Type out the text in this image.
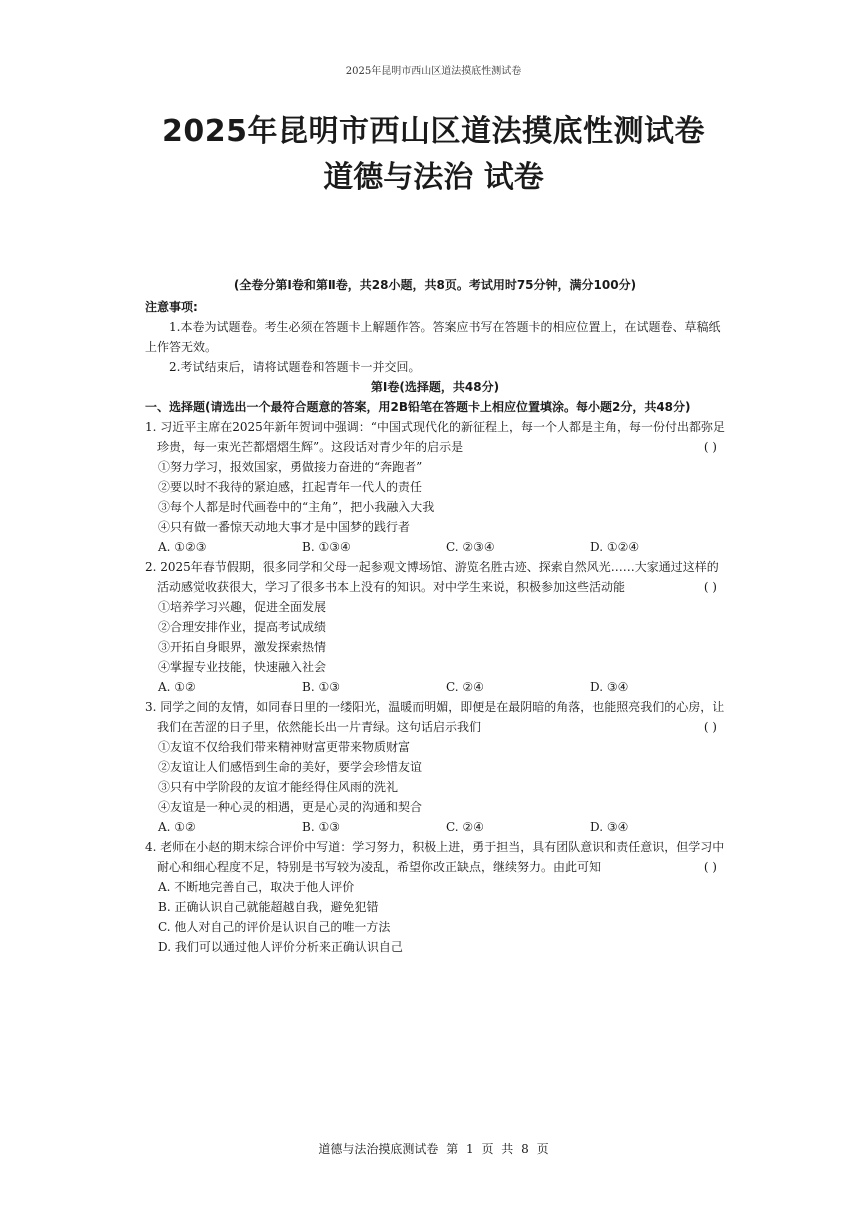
2025年昆明市西山区道法摸底性测试卷
2025年昆明市西山区道法摸底性测试卷
道德与法治 试卷
(全卷分第Ⅰ卷和第Ⅱ卷，共28小题，共8页。考试用时75分钟，满分100分)
注意事项:
1.本卷为试题卷。考生必须在答题卡上解题作答。答案应书写在答题卡的相应位置上，在试题卷、草稿纸上作答无效。
2.考试结束后，请将试题卷和答题卡一并交回。
第Ⅰ卷(选择题，共48分)
一、选择题(请选出一个最符合题意的答案，用2B铅笔在答题卡上相应位置填涂。每小题2分，共48分)
1. 习近平主席在2025年新年贺词中强调：“中国式现代化的新征程上，每一个人都是主角，每一份付出都弥足珍贵，每一束光芒都熠熠生辉”。这段话对青少年的启示是	( )
①努力学习，报效国家，勇做接力奋进的“奔跑者”
②要以时不我待的紧迫感，扛起青年一代人的责任
③每个人都是时代画卷中的“主角”，把小我融入大我
④只有做一番惊天动地大事才是中国梦的践行者
A. ①②③	B. ①③④	C. ②③④	D. ①②④
2. 2025年春节假期，很多同学和父母一起参观文博场馆、游览名胜古迹、探索自然风光……大家通过这样的活动感觉收获很大，学习了很多书本上没有的知识。对中学生来说，积极参加这些活动能	( )
①培养学习兴趣，促进全面发展
②合理安排作业，提高考试成绩
③开拓自身眼界，激发探索热情
④掌握专业技能，快速融入社会
A. ①②	B. ①③	C. ②④	D. ③④
3. 同学之间的友情，如同春日里的一缕阳光，温暖而明媚，即便是在最阴暗的角落，也能照亮我们的心房，让我们在苦涩的日子里，依然能长出一片青绿。这句话启示我们	( )
①友谊不仅给我们带来精神财富更带来物质财富
②友谊让人们感悟到生命的美好，要学会珍惜友谊
③只有中学阶段的友谊才能经得住风雨的洗礼
④友谊是一种心灵的相遇，更是心灵的沟通和契合
A. ①②	B. ①③	C. ②④	D. ③④
4. 老师在小赵的期末综合评价中写道：学习努力，积极上进，勇于担当，具有团队意识和责任意识，但学习中耐心和细心程度不足，特别是书写较为凌乱，希望你改正缺点，继续努力。由此可知	( )
A. 不断地完善自己，取决于他人评价
B. 正确认识自己就能超越自我，避免犯错
C. 他人对自己的评价是认识自己的唯一方法
D. 我们可以通过他人评价分析来正确认识自己
道德与法治摸底测试卷 第 1 页 共 8 页
